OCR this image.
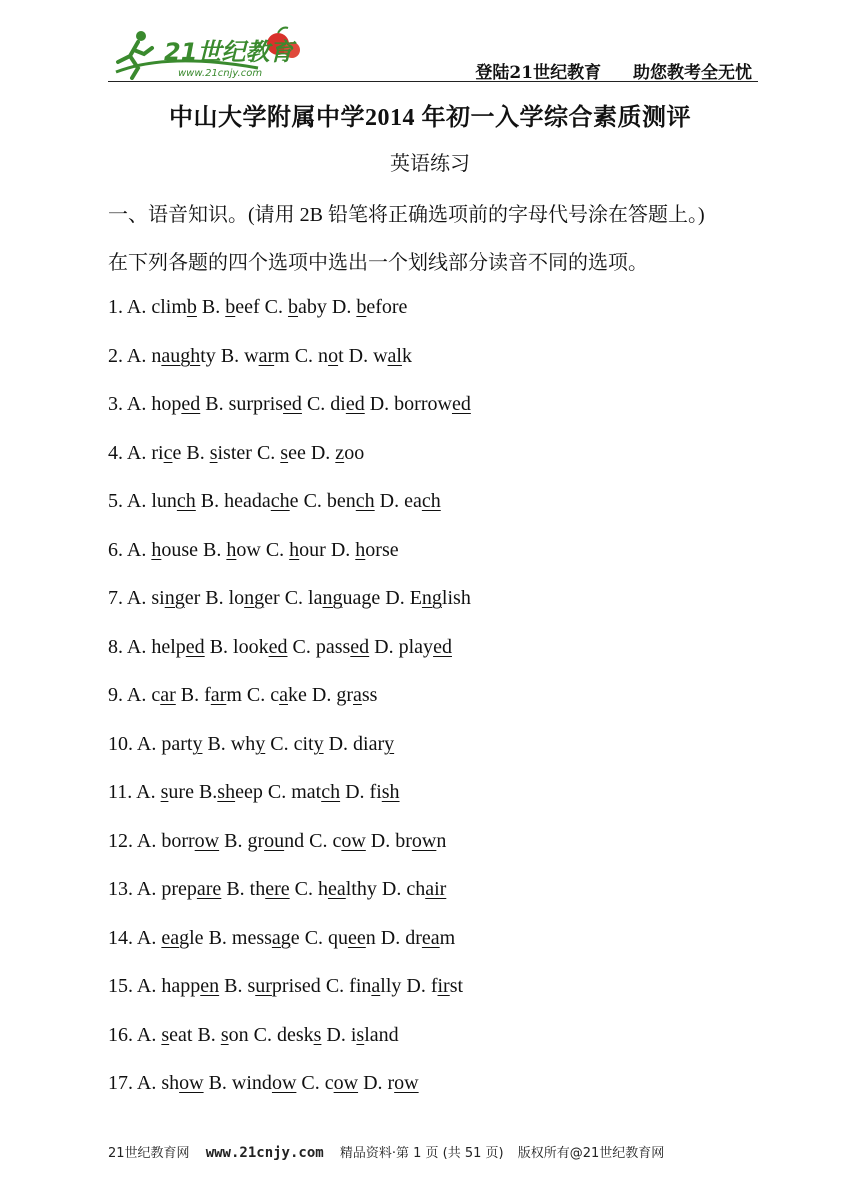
21世纪教育
www.21cnjy.com	登陆21世纪教育 助您教考全无忧
中山大学附属中学2014 年初一入学综合素质测评
英语练习
一、语音知识。(请用 2B 铅笔将正确选项前的字母代号涂在答题上。)
在下列各题的四个选项中选出一个划线部分读音不同的选项。
1. A. climb B. beef C. baby D. before
2. A. naughty B. warm C. not D. walk
3. A. hoped B. surprised C. died D. borrowed
4. A. rice B. sister C. see D. zoo
5. A. lunch B. headache C. bench D. each
6. A. house B. how C. hour D. horse
7. A. singer B. longer C. language D. English
8. A. helped B. looked C. passed D. played
9. A. car B. farm C. cake D. grass
10. A. party B. why C. city D. diary
11. A. sure B.sheep C. match D. fish
12. A. borrow B. ground C. cow D. brown
13. A. prepare B. there C. healthy D. chair
14. A. eagle B. message C. queen D. dream
15. A. happen B. surprised C. finally D. first
16. A. seat B. son C. desks D. island
17. A. show B. window C. cow D. row
21世纪教育网 www.21cnjy.com 精品资料·第 1 页 (共 51 页) 版权所有@21世纪教育网
